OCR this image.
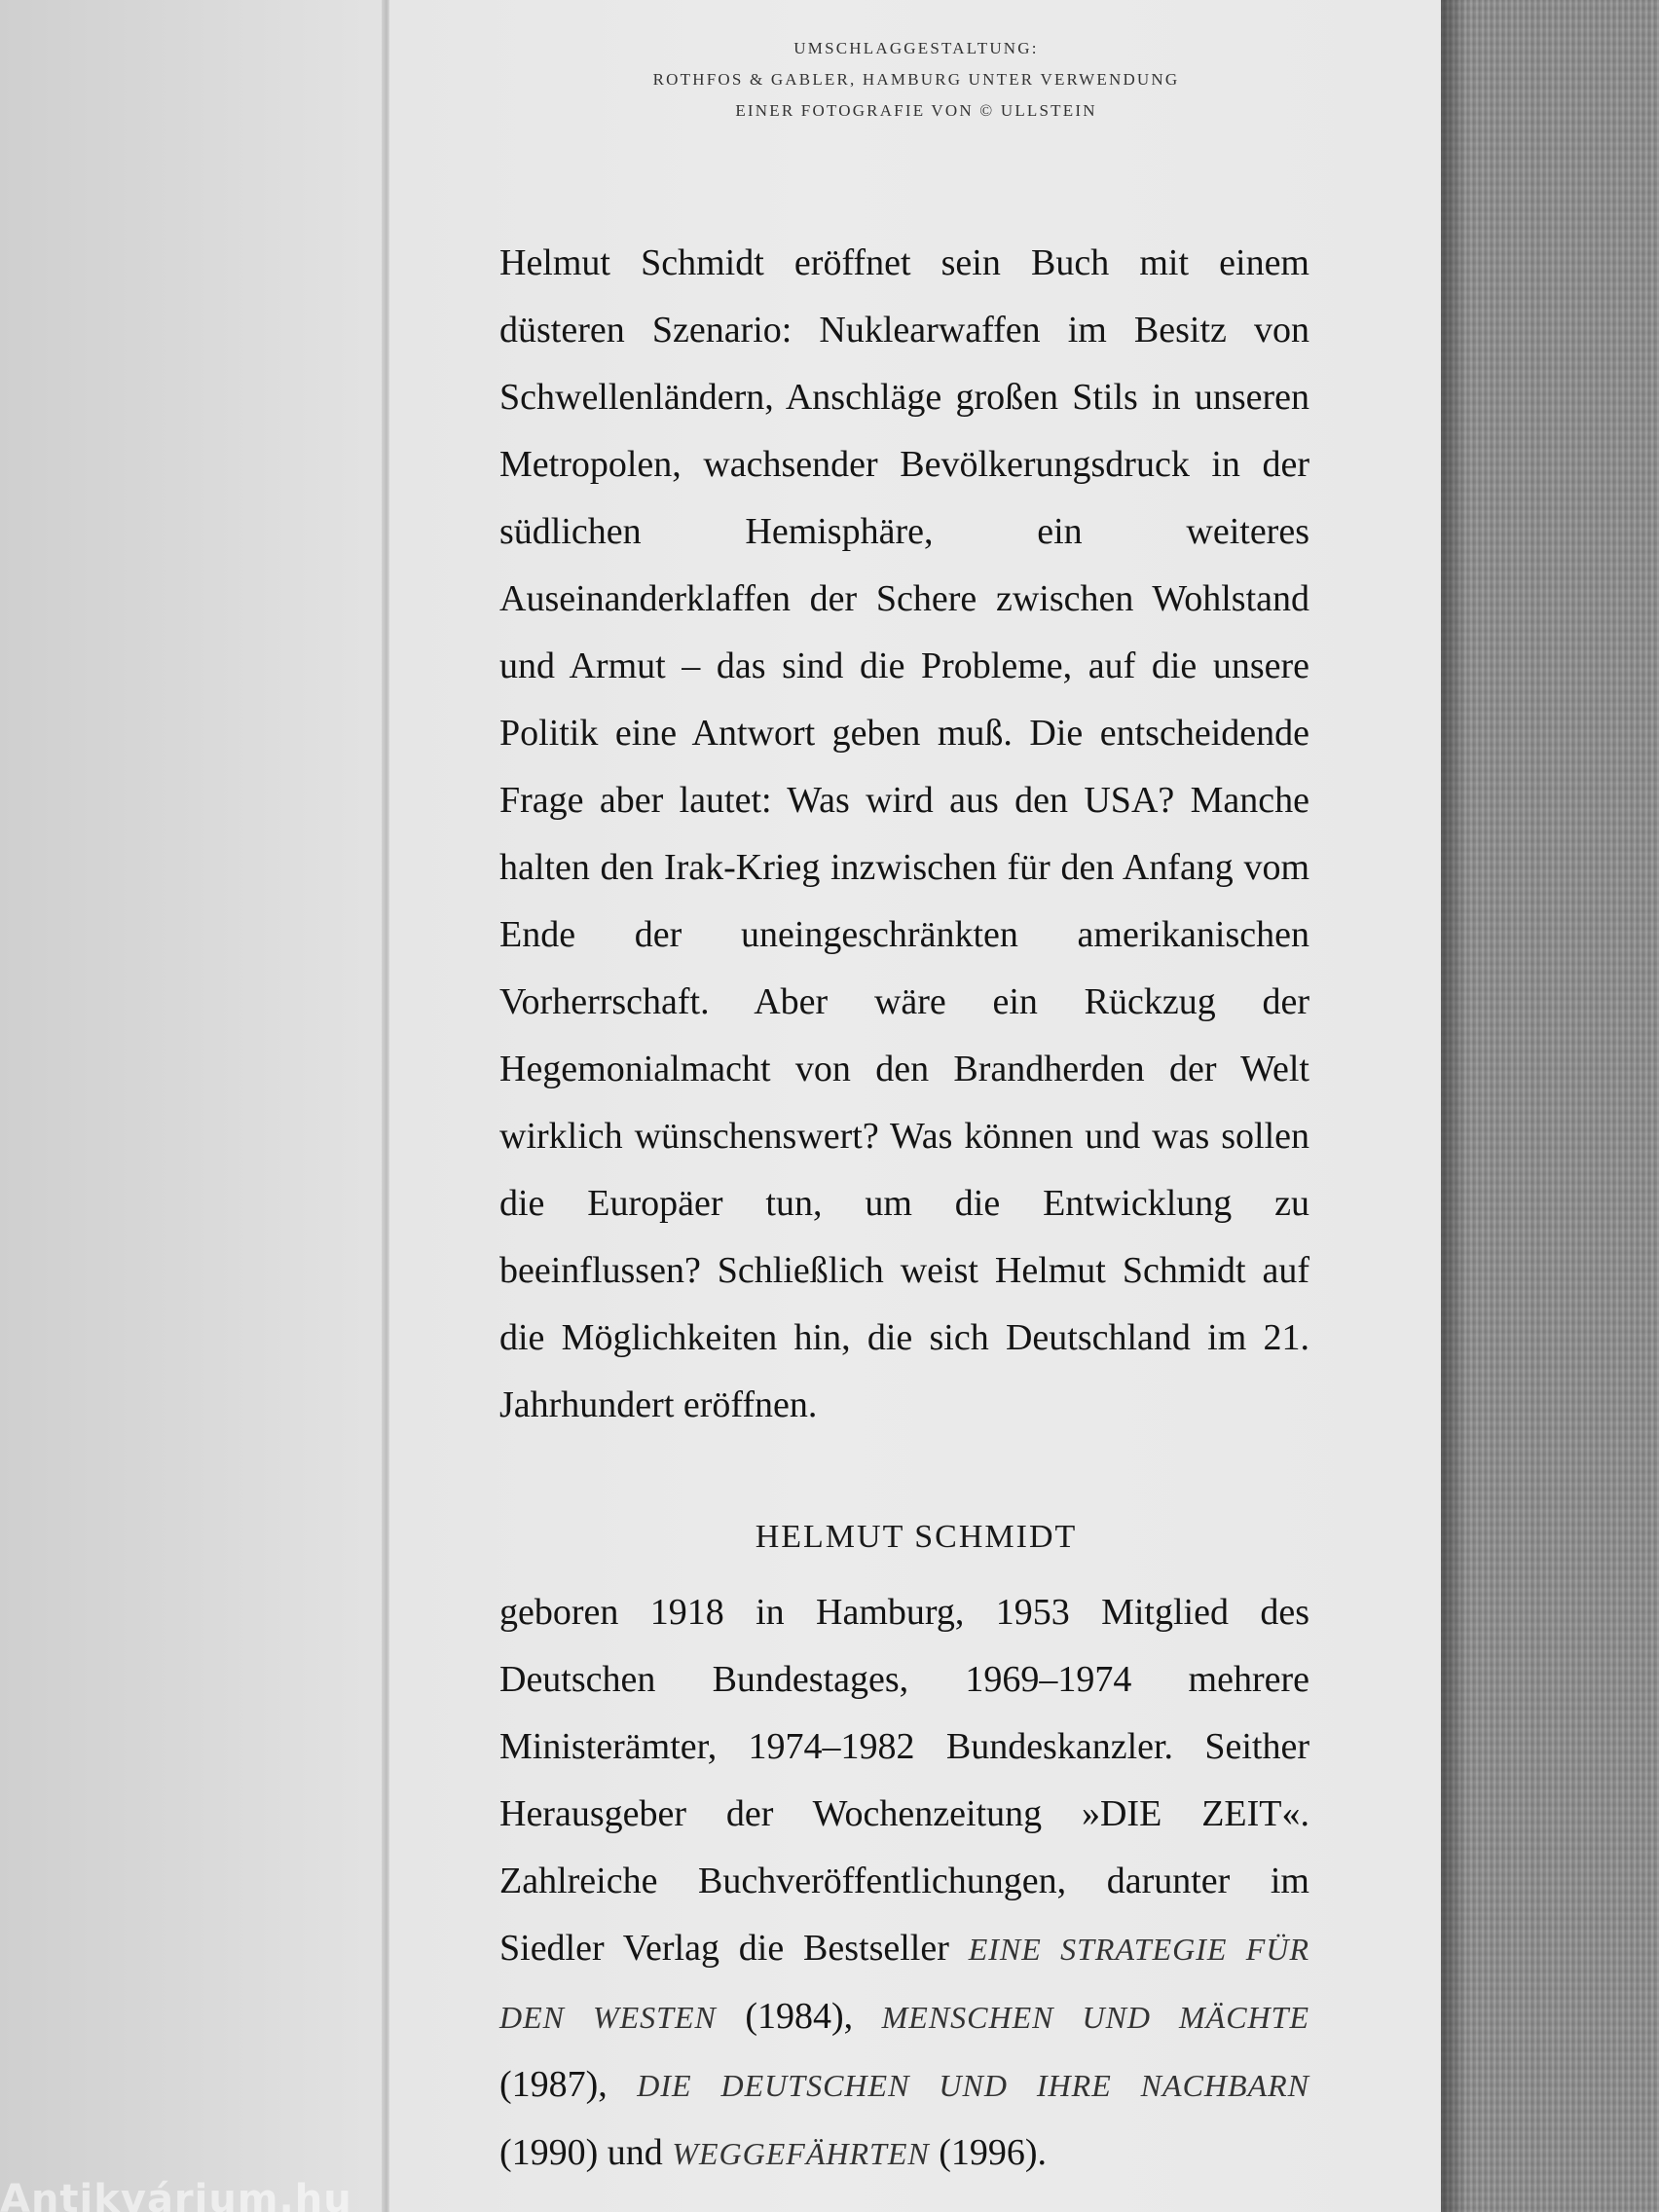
UMSCHLAGGESTALTUNG:
ROTHFOS & GABLER, HAMBURG UNTER VERWENDUNG
EINER FOTOGRAFIE VON © ULLSTEIN
Helmut Schmidt eröffnet sein Buch mit einem düsteren Szenario: Nuklearwaffen im Besitz von Schwellenländern, Anschläge großen Stils in unseren Metropolen, wachsender Bevölkerungsdruck in der südlichen Hemisphäre, ein weiteres Auseinanderklaffen der Schere zwischen Wohlstand und Armut – das sind die Probleme, auf die unsere Politik eine Antwort geben muß. Die entscheidende Frage aber lautet: Was wird aus den USA? Manche halten den Irak-Krieg inzwischen für den Anfang vom Ende der uneingeschränkten amerikanischen Vorherrschaft. Aber wäre ein Rückzug der Hegemonialmacht von den Brandherden der Welt wirklich wünschenswert? Was können und was sollen die Europäer tun, um die Entwicklung zu beeinflussen? Schließlich weist Helmut Schmidt auf die Möglichkeiten hin, die sich Deutschland im 21. Jahrhundert eröffnen.
HELMUT SCHMIDT
geboren 1918 in Hamburg, 1953 Mitglied des Deutschen Bundestages, 1969–1974 mehrere Ministerämter, 1974–1982 Bundeskanzler. Seither Herausgeber der Wochenzeitung »DIE ZEIT«. Zahlreiche Buchveröffentlichungen, darunter im Siedler Verlag die Bestseller EINE STRATEGIE FÜR DEN WESTEN (1984), MENSCHEN UND MÄCHTE (1987), DIE DEUTSCHEN UND IHRE NACHBARN (1990) und WEGGEFÄHRTEN (1996).
Antikvárium.hu
